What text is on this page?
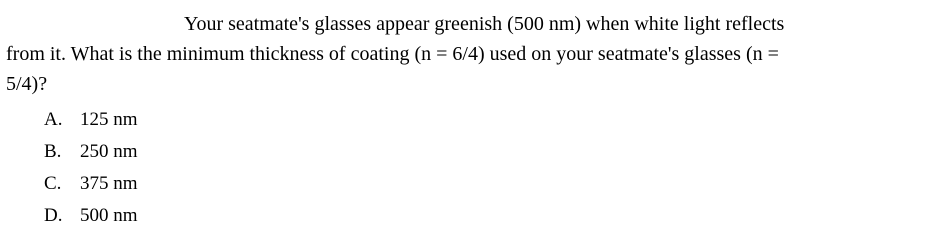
Your seatmate's glasses appear greenish (500 nm) when white light reflects
from it. What is the minimum thickness of coating (n = 6/4) used on your seatmate's glasses (n =
5/4)?
A. 125 nm
B. 250 nm
C. 375 nm
D. 500 nm
